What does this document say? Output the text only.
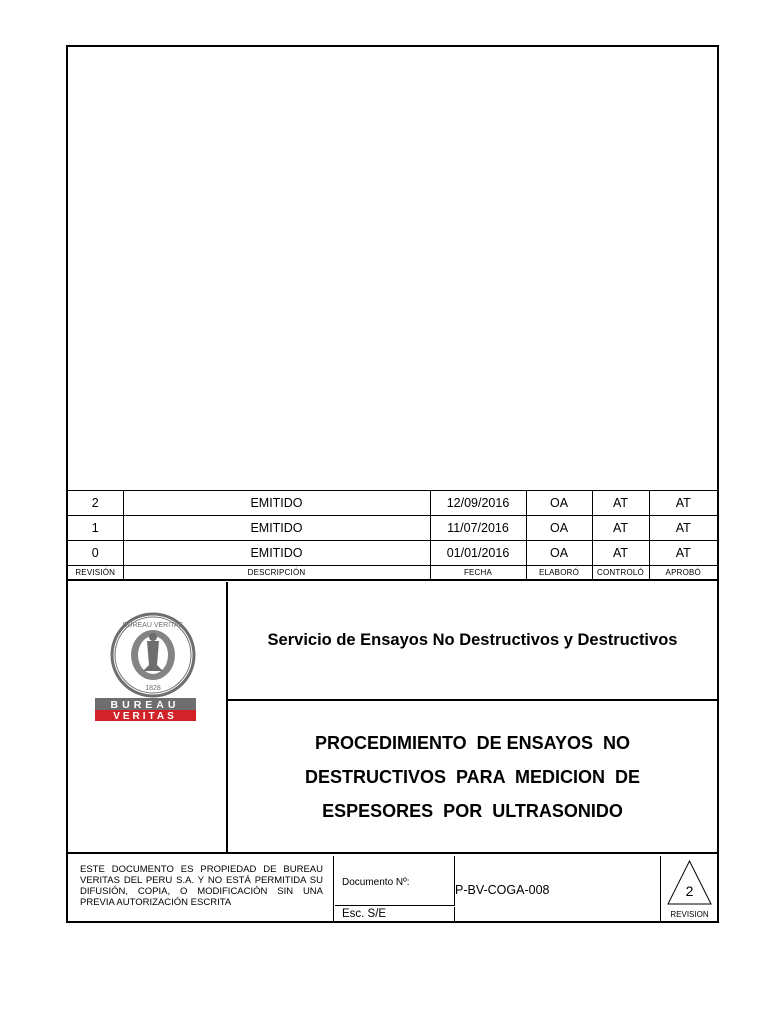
2	EMITIDO	12/09/2016	OA	AT	AT
1	EMITIDO	11/07/2016	OA	AT	AT
0	EMITIDO	01/01/2016	OA	AT	AT
REVISIÓN	DESCRIPCIÓN	FECHA	ELABORÓ	CONTROLÓ	APROBÓ
BUREAU VERITAS
1828
BUREAU
VERITAS
Servicio de Ensayos No Destructivos y Destructivos
PROCEDIMIENTO  DE ENSAYOS  NO
DESTRUCTIVOS  PARA  MEDICION  DE
ESPESORES  POR  ULTRASONIDO
ESTE DOCUMENTO ES PROPIEDAD DE BUREAU VERITAS DEL PERU S.A. Y NO ESTÁ PERMITIDA SU DIFUSIÓN, COPIA, O MODIFICACIÓN SIN UNA PREVIA AUTORIZACIÓN ESCRITA
Documento Nº:
Esc. S/E
P-BV-COGA-008	2
REVISION
